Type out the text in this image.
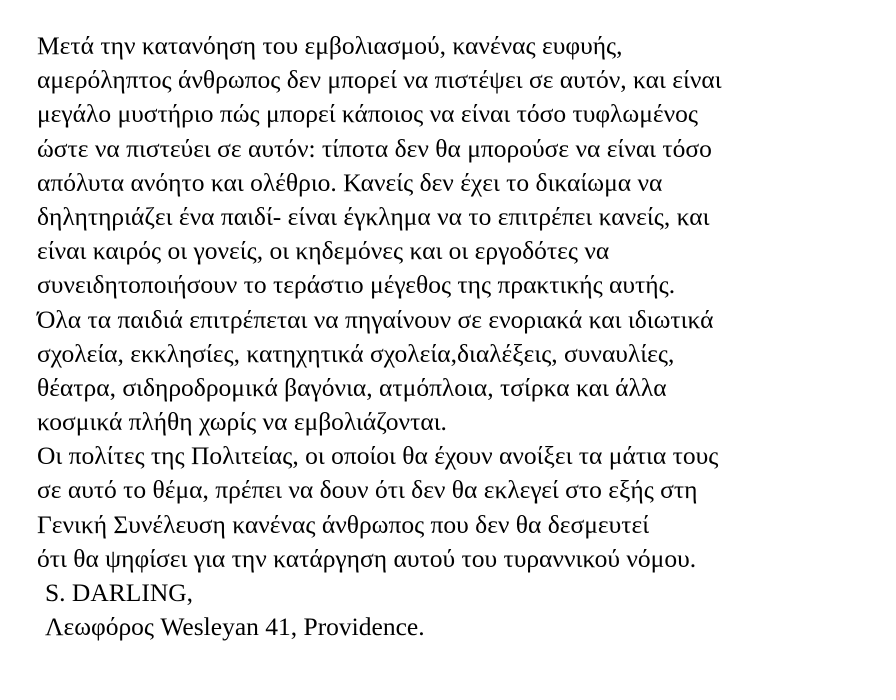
Μετά την κατανόηση του εμβολιασμού, κανένας ευφυής,
αμερόληπτος άνθρωπος δεν μπορεί να πιστέψει σε αυτόν, και είναι
μεγάλο μυστήριο πώς μπορεί κάποιος να είναι τόσο τυφλωμένος
ώστε να πιστεύει σε αυτόν: τίποτα δεν θα μπορούσε να είναι τόσο
απόλυτα ανόητο και ολέθριο. Κανείς δεν έχει το δικαίωμα να
δηλητηριάζει ένα παιδί- είναι έγκλημα να το επιτρέπει κανείς, και
είναι καιρός οι γονείς, οι κηδεμόνες και οι εργοδότες να
συνειδητοποιήσουν το τεράστιο μέγεθος της πρακτικής αυτής.
Όλα τα παιδιά επιτρέπεται να πηγαίνουν σε ενοριακά και ιδιωτικά
σχολεία, εκκλησίες, κατηχητικά σχολεία,διαλέξεις, συναυλίες,
θέατρα, σιδηροδρομικά βαγόνια, ατμόπλοια, τσίρκα και άλλα
κοσμικά πλήθη χωρίς να εμβολιάζονται.
Οι πολίτες της Πολιτείας, οι οποίοι θα έχουν ανοίξει τα μάτια τους
σε αυτό το θέμα, πρέπει να δουν ότι δεν θα εκλεγεί στο εξής στη
Γενική Συνέλευση κανένας άνθρωπος που δεν θα δεσμευτεί
ότι θα ψηφίσει για την κατάργηση αυτού του τυραννικού νόμου.
S. DARLING,
Λεωφόρος Wesleyan 41, Providence.
